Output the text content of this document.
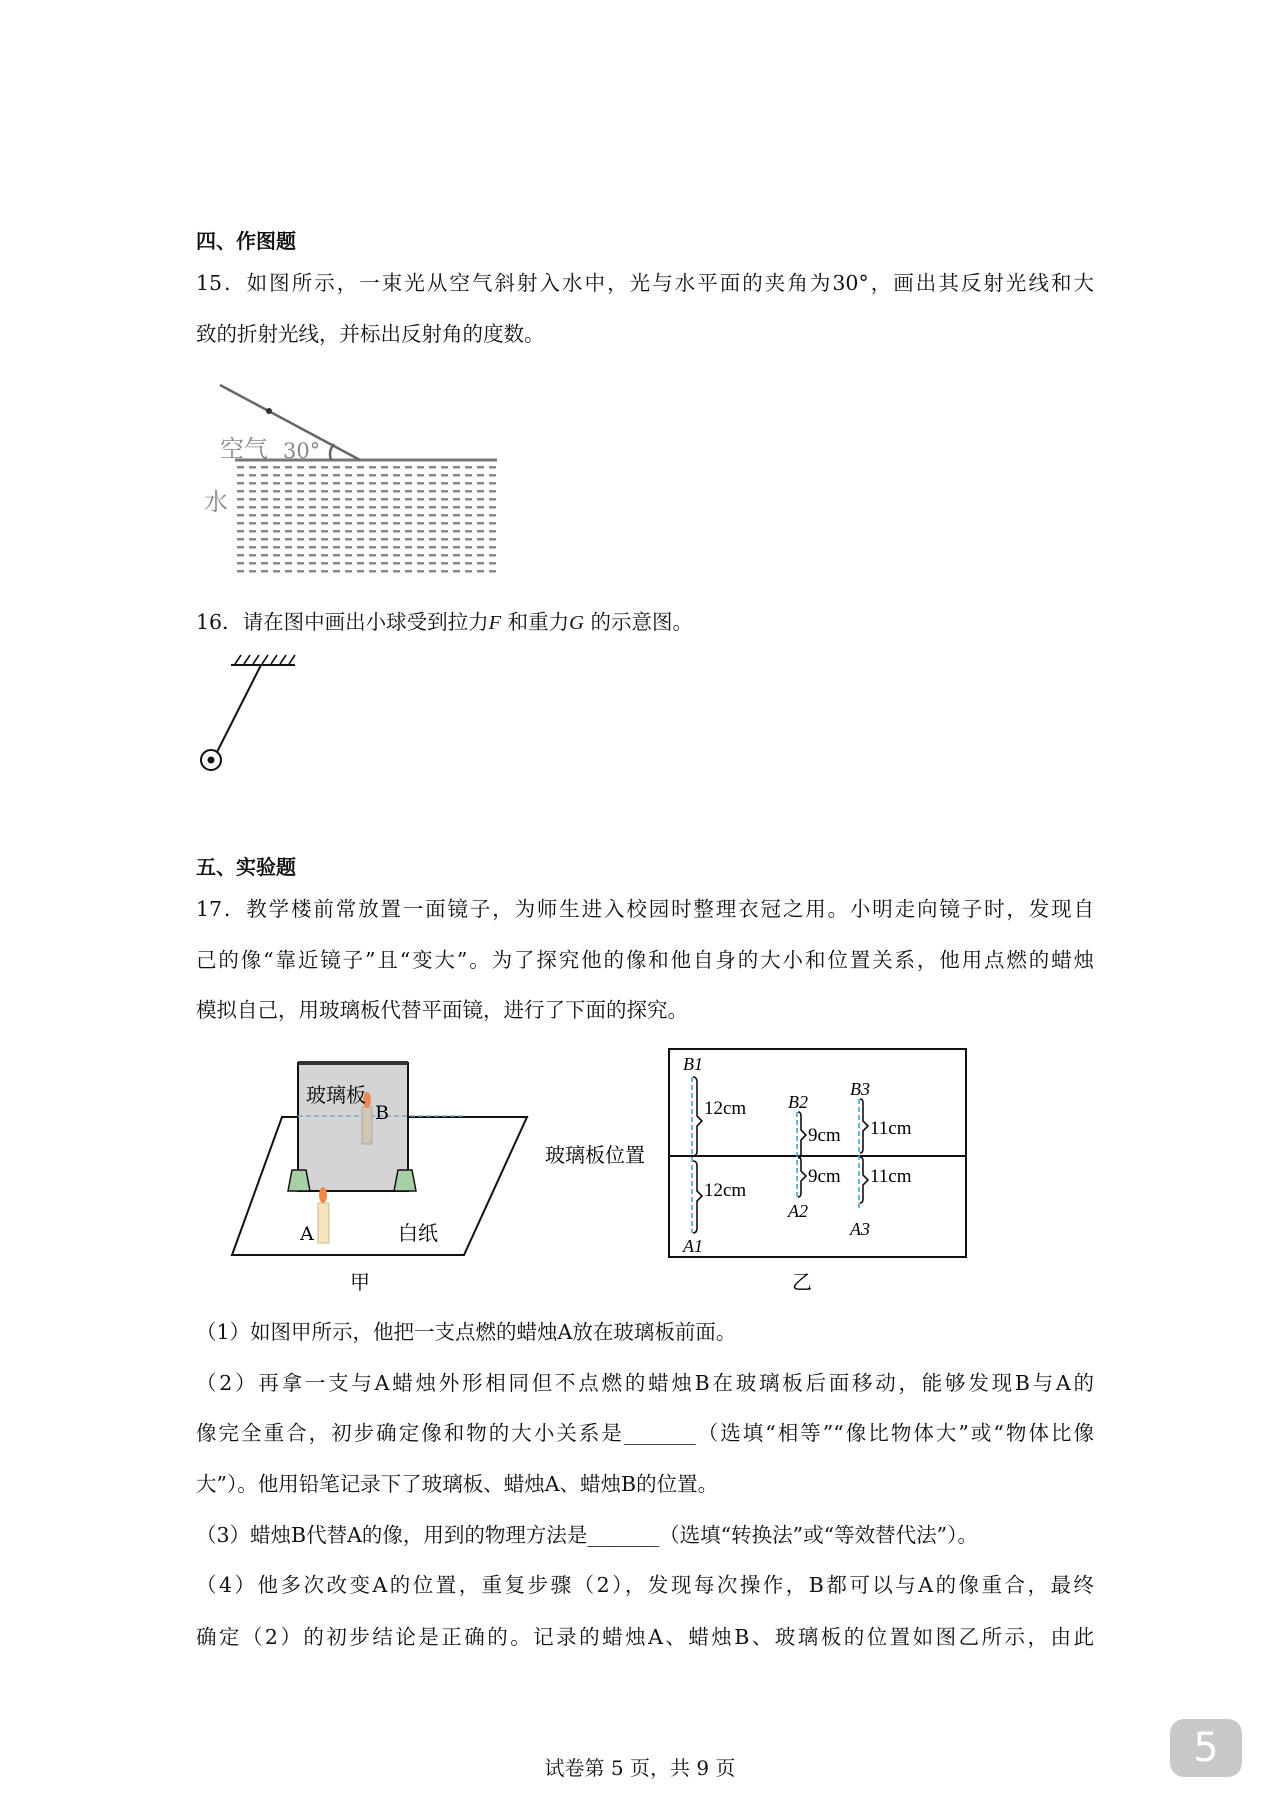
四、作图题
15．如图所示，一束光从空气斜射入水中，光与水平面的夹角为30°，画出其反射光线和大
致的折射光线，并标出反射角的度数。
空气 30°
水
16．请在图中画出小球受到拉力F 和重力G 的示意图。
五、实验题
17．教学楼前常放置一面镜子，为师生进入校园时整理衣冠之用。小明走向镜子时，发现自
己的像“靠近镜子”且“变大”。为了探究他的像和他自身的大小和位置关系，他用点燃的蜡烛
模拟自己，用玻璃板代替平面镜，进行了下面的探究。
玻璃板
B
A	白纸
甲
玻璃板位置
12cm
12cm
9cm
9cm
11cm
11cm
B1
B2
B3
A1
A2
A3
乙
（1）如图甲所示，他把一支点燃的蜡烛A放在玻璃板前面。
（2）再拿一支与A蜡烛外形相同但不点燃的蜡烛B在玻璃板后面移动，能够发现B与A的
像完全重合，初步确定像和物的大小关系是_______（选填“相等”“像比物体大”或“物体比像
大”）。他用铅笔记录下了玻璃板、蜡烛A、蜡烛B的位置。
（3）蜡烛B代替A的像，用到的物理方法是_______（选填“转换法”或“等效替代法”）。
（4）他多次改变A的位置，重复步骤（2），发现每次操作，B都可以与A的像重合，最终
确定（2）的初步结论是正确的。记录的蜡烛A、蜡烛B、玻璃板的位置如图乙所示，由此
试卷第 5 页，共 9 页	5
